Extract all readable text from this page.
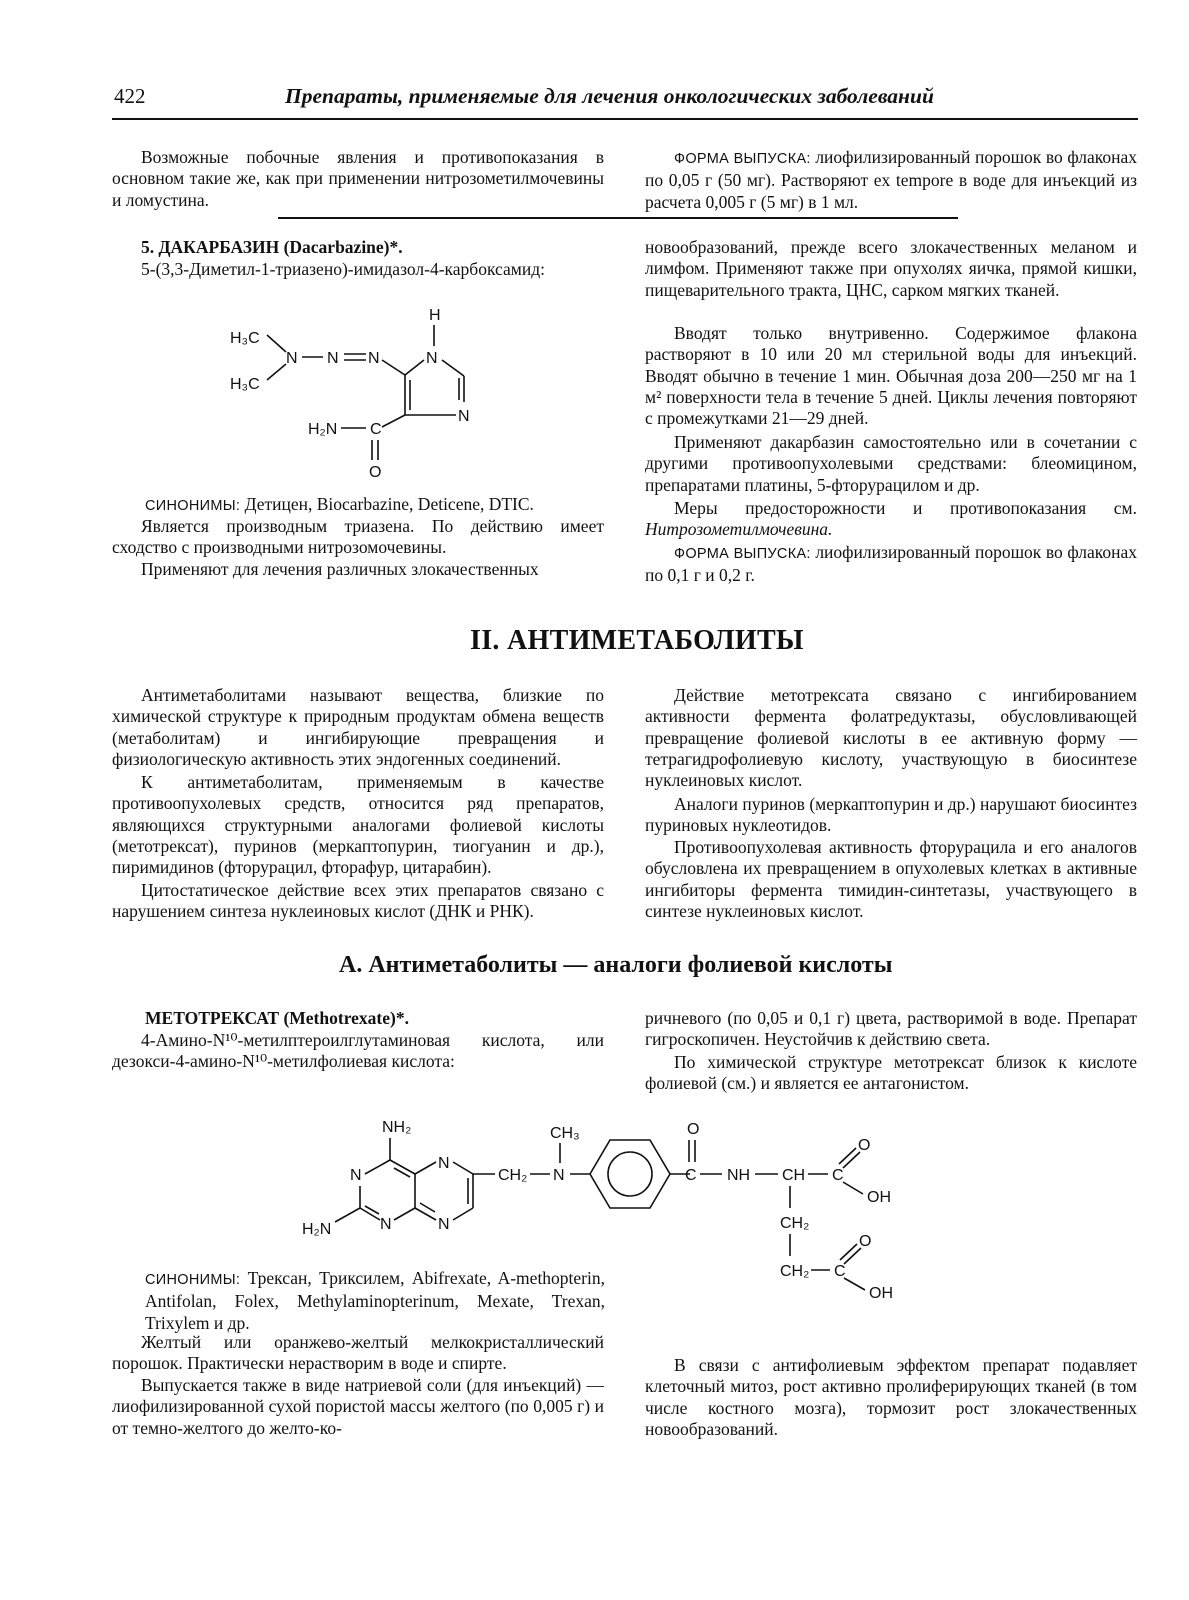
422	Препараты, применяемые для лечения онкологических заболеваний

Возможные побочные явления и противопоказания в основном такие же, как при применении нитрозометилмочевины и ломустина.

ФОРМА ВЫПУСКА: лиофилизированный порошок во флаконах по 0,05 г (50 мг). Растворяют ex tempore в воде для инъекций из расчета 0,005 г (5 мг) в 1 мл.

5. ДАКАРБАЗИН (Dacarbazine)*.

5-(3,3-Диметил-1-триазено)-имидазол-4-карбоксамид:

H₃C
H₃C
N N N	N
H
N
H₂N C
O

СИНОНИМЫ: Детицен, Biocarbazine, Deticene, DTIC.

Является производным триазена. По действию имеет сходство с производными нитрозомочевины.

Применяют для лечения различных злокачественных

новообразований, прежде всего злокачественных меланом и лимфом. Применяют также при опухолях яичка, прямой кишки, пищеварительного тракта, ЦНС, сарком мягких тканей.

Вводят только внутривенно. Содержимое флакона растворяют в 10 или 20 мл стерильной воды для инъекций. Вводят обычно в течение 1 мин. Обычная доза 200—250 мг на 1 м² поверхности тела в течение 5 дней. Циклы лечения повторяют с промежутками 21—29 дней.

Применяют дакарбазин самостоятельно или в сочетании с другими противоопухолевыми средствами: блеомицином, препаратами платины, 5-фторурацилом и др.

Меры предосторожности и противопоказания см. Нитрозометилмочевина.

ФОРМА ВЫПУСКА: лиофилизированный порошок во флаконах по 0,1 г и 0,2 г.

II. АНТИМЕТАБОЛИТЫ

Антиметаболитами называют вещества, близкие по химической структуре к природным продуктам обмена веществ (метаболитам) и ингибирующие превращения и физиологическую активность этих эндогенных соединений.

К антиметаболитам, применяемым в качестве противоопухолевых средств, относится ряд препаратов, являющихся структурными аналогами фолиевой кислоты (метотрексат), пуринов (меркаптопурин, тиогуанин и др.), пиримидинов (фторурацил, фторафур, цитарабин).

Цитостатическое действие всех этих препаратов связано с нарушением синтеза нуклеиновых кислот (ДНК и РНК).

Действие метотрексата связано с ингибированием активности фермента фолатредуктазы, обусловливающей превращение фолиевой кислоты в ее активную форму — тетрагидрофолиевую кислоту, участвующую в биосинтезе нуклеиновых кислот.

Аналоги пуринов (меркаптопурин и др.) нарушают биосинтез пуриновых нуклеотидов.

Противоопухолевая активность фторурацила и его аналогов обусловлена их превращением в опухолевых клетках в активные ингибиторы фермента тимидин-синтетазы, участвующего в синтезе нуклеиновых кислот.

А. Антиметаболиты — аналоги фолиевой кислоты

МЕТОТРЕКСАТ (Methotrexate)*.

4-Амино-N¹⁰-метилптероилглутаминовая кислота, или дезокси-4-амино-N¹⁰-метилфолиевая кислота:

ричневого (по 0,05 и 0,1 г) цвета, растворимой в воде. Препарат гигроскопичен. Неустойчив к действию света.

По химической структуре метотрексат близок к кислоте фолиевой (см.) и является ее антагонистом.

NH₂
N
N
H₂N
N
N
CH₂ N
CH₃	O
C NH CH C
O
OH
CH₂
CH₂ C
O
OH

СИНОНИМЫ: Трексан, Триксилем, Abifrexate, A-methopterin, Antifolan, Folex, Methylaminopterinum, Mexate, Trexan, Trixylem и др.

Желтый или оранжево-желтый мелкокристаллический порошок. Практически нерастворим в воде и спирте.

Выпускается также в виде натриевой соли (для инъекций) — лиофилизированной сухой пористой массы желтого (по 0,005 г) и от темно-желтого до желто-ко-

В связи с антифолиевым эффектом препарат подавляет клеточный митоз, рост активно пролиферирующих тканей (в том числе костного мозга), тормозит рост злокачественных новообразований.
